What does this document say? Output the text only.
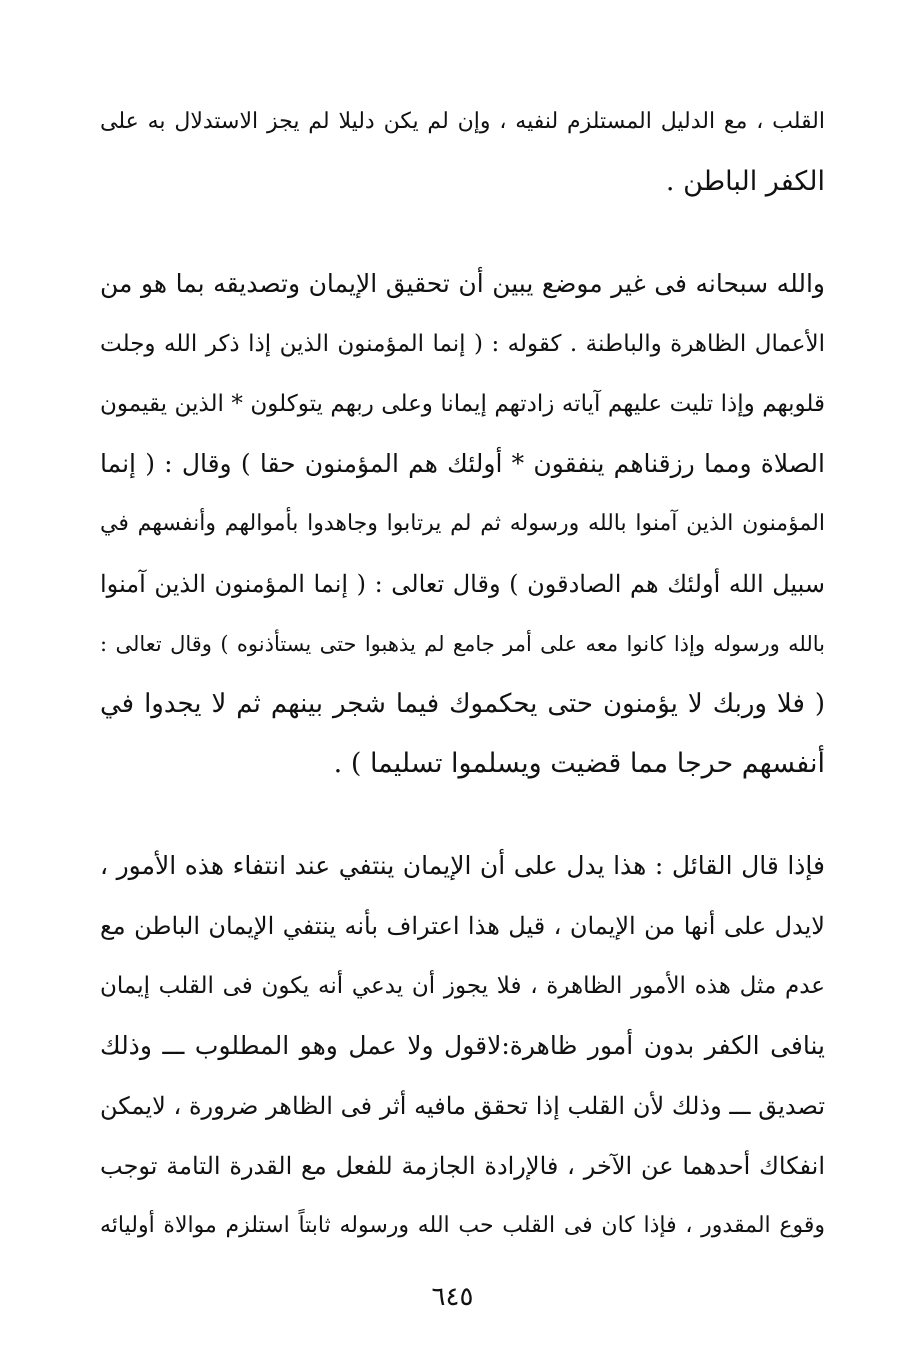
القلب ، مع الدليل المستلزم لنفيه ، وإن لم يكن دليلا لم يجز الاستدلال به على
الكفر الباطن .
والله سبحانه فى غير موضع يبين أن تحقيق الإيمان وتصديقه بما هو من
الأعمال الظاهرة والباطنة . كقوله : ( إنما المؤمنون الذين إذا ذكر الله وجلت
قلوبهم وإذا تليت عليهم آياته زادتهم إيمانا وعلى ربهم يتوكلون * الذين يقيمون
الصلاة ومما رزقناهم ينفقون * أولئك هم المؤمنون حقا ) وقال : ( إنما
المؤمنون الذين آمنوا بالله ورسوله ثم لم يرتابوا وجاهدوا بأموالهم وأنفسهم في
سبيل الله أولئك هم الصادقون ) وقال تعالى : ( إنما المؤمنون الذين آمنوا
بالله ورسوله وإذا كانوا معه على أمر جامع لم يذهبوا حتى يستأذنوه ) وقال تعالى :
( فلا وربك لا يؤمنون حتى يحكموك فيما شجر بينهم ثم لا يجدوا في
أنفسهم حرجا مما قضيت ويسلموا تسليما ) .
فإذا قال القائل : هذا يدل على أن الإيمان ينتفي عند انتفاء هذه الأمور ،
لايدل على أنها من الإيمان ، قيل هذا اعتراف بأنه ينتفي الإيمان الباطن مع
عدم مثل هذه الأمور الظاهرة ، فلا يجوز أن يدعي أنه يكون فى القلب إيمان
ينافى الكفر بدون أمور ظاهرة:لاقول ولا عمل وهو المطلوب ـــ وذلك
تصديق ـــ وذلك لأن القلب إذا تحقق مافيه أثر فى الظاهر ضرورة ، لايمكن
انفكاك أحدهما عن الآخر ، فالإرادة الجازمة للفعل مع القدرة التامة توجب
وقوع المقدور ، فإذا كان فى القلب حب الله ورسوله ثابتاً استلزم موالاة أوليائه
٦٤٥
